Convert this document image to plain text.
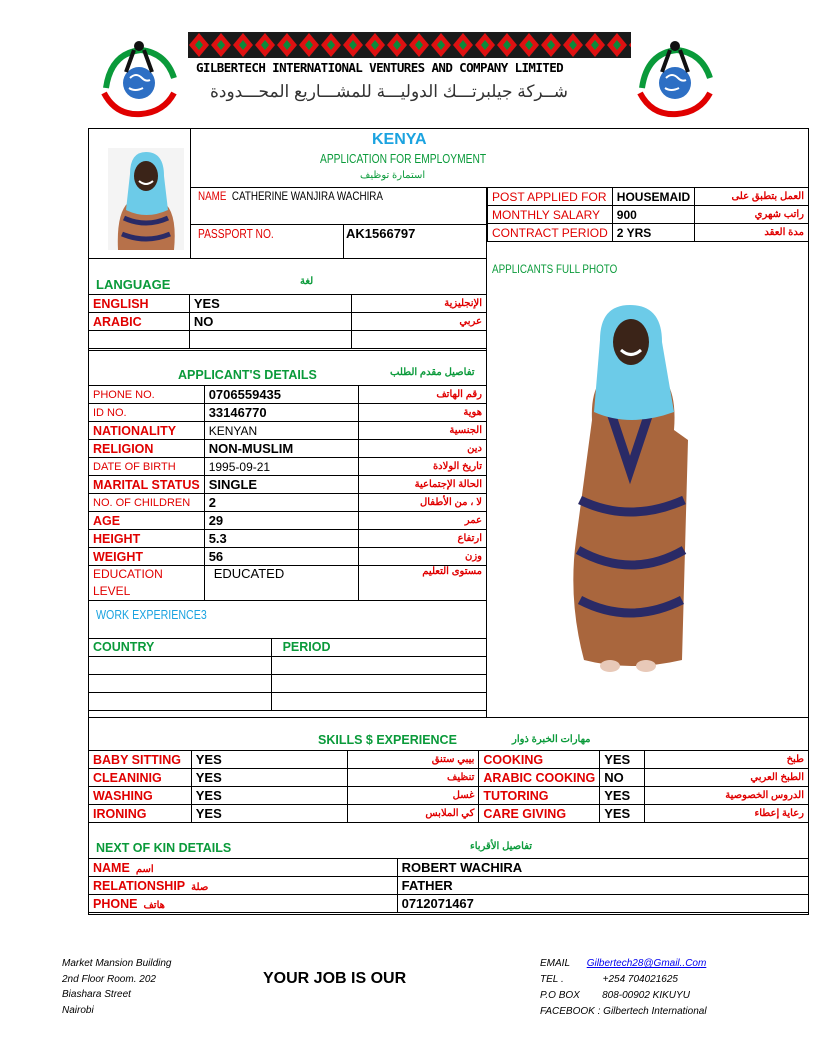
GILBERTECH INTERNATIONAL VENTURES AND COMPANY LIMITED
شــركة جيلبرتـــك الدوليـــة للمشـــاريع المحـــدودة
KENYA
APPLICATION FOR EMPLOYMENT
استمارة توظيف
NAME CATHERINE WANJIRA WACHIRA
PASSPORT NO.	AK1566797
POST APPLIED FOR	HOUSEMAID	العمل بتطبق على
MONTHLY SALARY	900	راتب شهري
CONTRACT PERIOD	2 YRS	مدة العقد
APPLICANTS FULL PHOTO
LANGUAGE	لغة
ENGLISH	YES	الإنجليزية
ARABIC	NO	عربي

APPLICANT'S DETAILS	تفاصيل مقدم الطلب
PHONE NO.	0706559435	رقم الهاتف
ID NO.	33146770	هوية
NATIONALITY	KENYAN	الجنسية
RELIGION	NON-MUSLIM	دين
DATE OF BIRTH	1995-09-21	تاريخ الولادة
MARITAL STATUS	SINGLE	الحالة الإجتماعية
NO. OF CHILDREN	2	لا ، من الأطفال
AGE	29	عمر
HEIGHT	5.3	ارتفاع
WEIGHT	56	وزن

EDUCATION
LEVEL	EDUCATED	مستوى التعليم
WORK EXPERIENCE3
COUNTRY	PERIOD

SKILLS $ EXPERIENCE	مهارات الخبرة ذوار
BABY SITTING	YES	بيبي ستنق	COOKING	YES	طبخ
CLEANINIG	YES	تنظيف	ARABIC COOKING	NO	الطبخ العربي
WASHING	YES	غسل	TUTORING	YES	الدروس الخصوصية
IRONING	YES	كي الملابس	CARE GIVING	YES	رعاية إعطاء
NEXT OF KIN DETAILS	تفاصيل الأقرباء
NAME اسم	ROBERT WACHIRA
RELATIONSHIP صلة	FATHER
PHONE هاتف	0712071467
Market Mansion Building
2nd Floor Room. 202
Biashara Street
Nairobi
YOUR JOB IS OUR
EMAIL Gilbertech28@Gmail..Com
TEL .	+254 704021625
P.O BOX 808-00902 KIKUYU
FACEBOOK : Gilbertech International
